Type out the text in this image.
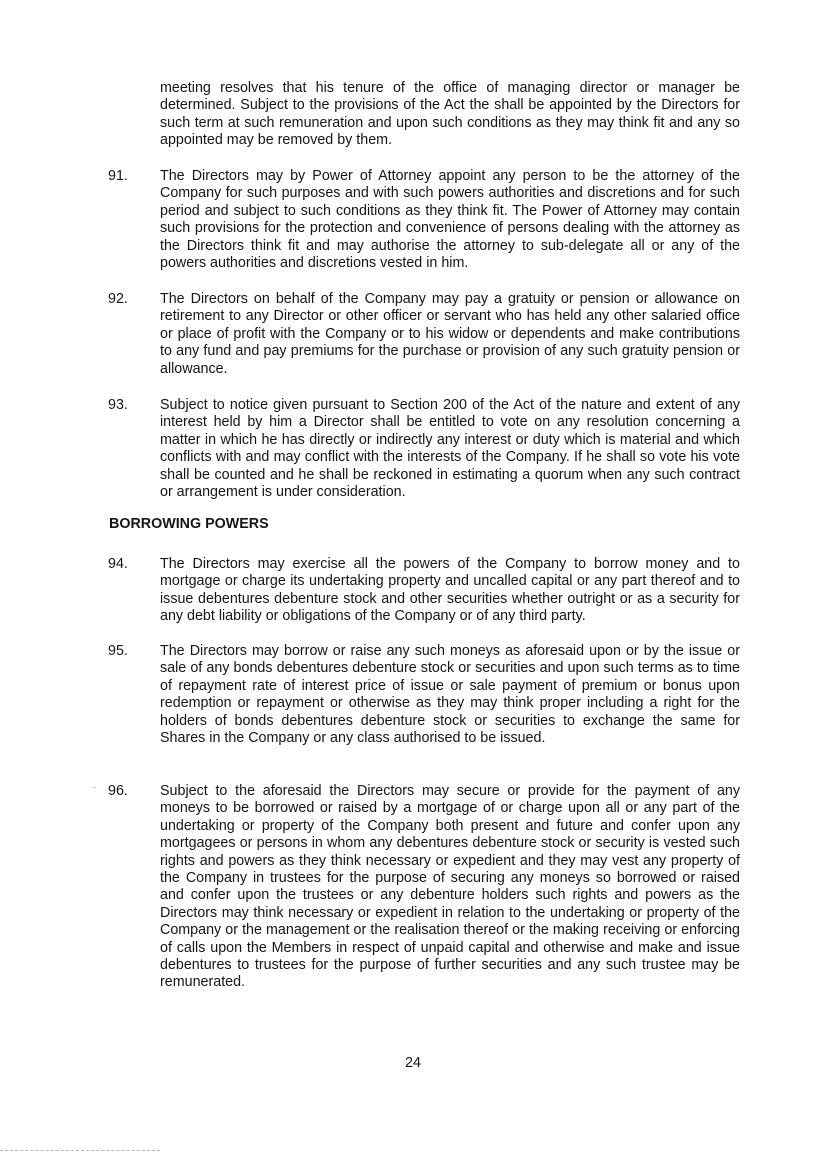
meeting resolves that his tenure of the office of managing director or manager be determined. Subject to the provisions of the Act the shall be appointed by the Directors for such term at such remuneration and upon such conditions as they may think fit and any so appointed may be removed by them.

91. The Directors may by Power of Attorney appoint any person to be the attorney of the Company for such purposes and with such powers authorities and discretions and for such period and subject to such conditions as they think fit. The Power of Attorney may contain such provisions for the protection and convenience of persons dealing with the attorney as the Directors think fit and may authorise the attorney to sub-delegate all or any of the powers authorities and discretions vested in him.

92. The Directors on behalf of the Company may pay a gratuity or pension or allowance on retirement to any Director or other officer or servant who has held any other salaried office or place of profit with the Company or to his widow or dependents and make contributions to any fund and pay premiums for the purchase or provision of any such gratuity pension or allowance.

93. Subject to notice given pursuant to Section 200 of the Act of the nature and extent of any interest held by him a Director shall be entitled to vote on any resolution concerning a matter in which he has directly or indirectly any interest or duty which is material and which conflicts with and may conflict with the interests of the Company. If he shall so vote his vote shall be counted and he shall be reckoned in estimating a quorum when any such contract or arrangement is under consideration.

BORROWING POWERS

94. The Directors may exercise all the powers of the Company to borrow money and to mortgage or charge its undertaking property and uncalled capital or any part thereof and to issue debentures debenture stock and other securities whether outright or as a security for any debt liability or obligations of the Company or of any third party.

95. The Directors may borrow or raise any such moneys as aforesaid upon or by the issue or sale of any bonds debentures debenture stock or securities and upon such terms as to time of repayment rate of interest price of issue or sale payment of premium or bonus upon redemption or repayment or otherwise as they may think proper including a right for the holders of bonds debentures debenture stock or securities to exchange the same for Shares in the Company or any class authorised to be issued.

· 96. Subject to the aforesaid the Directors may secure or provide for the payment of any moneys to be borrowed or raised by a mortgage of or charge upon all or any part of the undertaking or property of the Company both present and future and confer upon any mortgagees or persons in whom any debentures debenture stock or security is vested such rights and powers as they think necessary or expedient and they may vest any property of the Company in trustees for the purpose of securing any moneys so borrowed or raised and confer upon the trustees or any debenture holders such rights and powers as the Directors may think necessary or expedient in relation to the undertaking or property of the Company or the management or the realisation thereof or the making receiving or enforcing of calls upon the Members in respect of unpaid capital and otherwise and make and issue debentures to trustees for the purpose of further securities and any such trustee may be remunerated.

24
